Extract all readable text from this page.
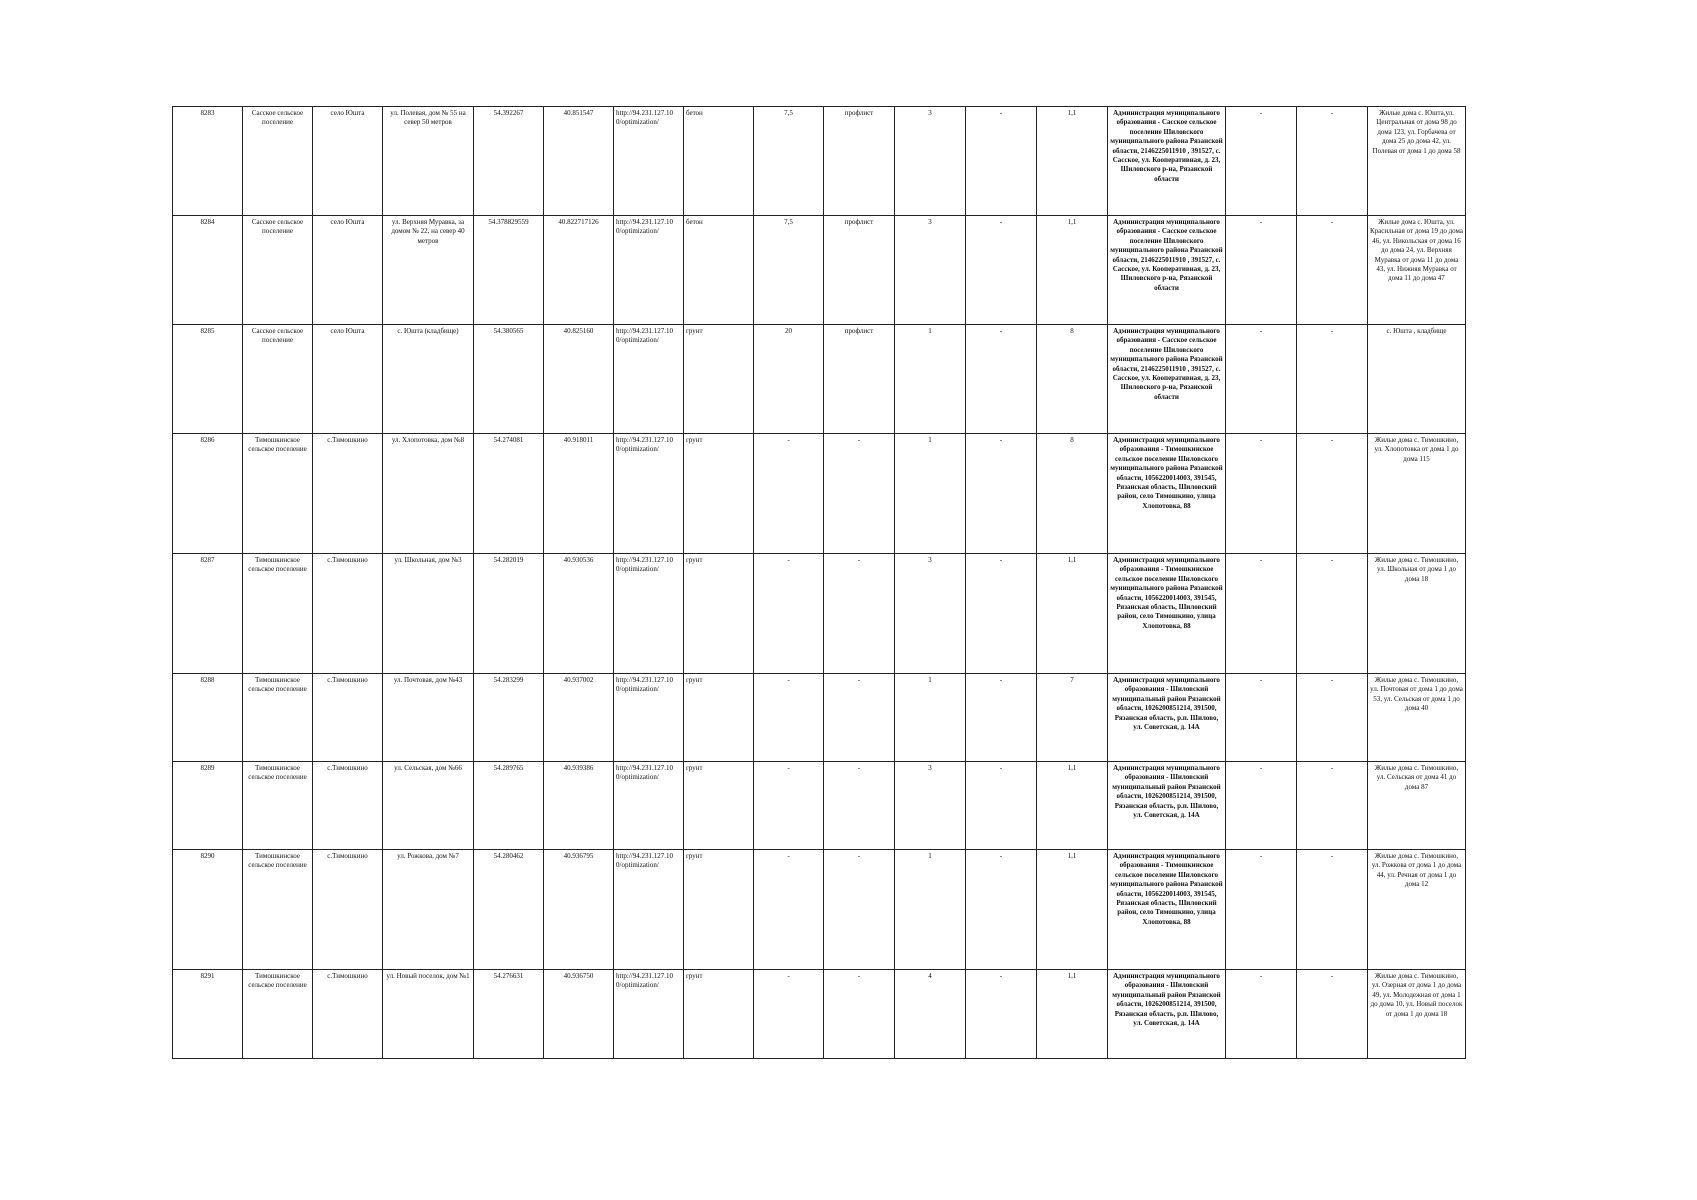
8283	Сасское сельское поселение	село Юшта	ул. Полевая, дом № 55 на север 50 метров	54.392267	40.851547	http://94.231.127.10 0/optimization/	бетон	7,5	профлист	3	-	1,1	Администрация муниципального образования - Сасское сельское поселение Шиловского муниципального района Рязанской области, 2146225011910 , 391527, с. Сасское, ул. Кооперативная, д. 23, Шиловского р-на, Рязанской области	-	-	Жилые дома с. Юшта,ул. Центральная от дома 98 до дома 123, ул. Горбачева от дома 25 до дома 42, ул. Полевая от дома 1 до дома 58
8284	Сасское сельское поселение	село Юшта	ул. Верхняя Муравка, за домом № 22, на север 40 метров	54.378829559	40.822717126	http://94.231.127.10 0/optimization/	бетон	7,5	профлист	3	-	1,1	Администрация муниципального образования - Сасское сельское поселение Шиловского муниципального района Рязанской области, 2146225011910 , 391527, с. Сасское, ул. Кооперативная, д. 23, Шиловского р-на, Рязанской области	-	-	Жилые дома с. Юшта, ул. Красильная от дома 19 до дома 46, ул. Никольская от дома 16 до дома 24, ул. Верхняя Муравка от дома 11 до дома 43, ул. Нижняя Муравка от дома 11 до дома 47
8285	Сасское сельское поселение	село Юшта	с. Юшта (кладбище)	54.380565	40.825160	http://94.231.127.10 0/optimization/	грунт	20	профлист	1	-	8	Администрация муниципального образования - Сасское сельское поселение Шиловского муниципального района Рязанской области, 2146225011910 , 391527, с. Сасское, ул. Кооперативная, д. 23, Шиловского р-на, Рязанской области	-	-	с. Юшта , кладбище
8286	Тимошкинское сельское поселение	с.Тимошкино	ул. Хлопотовка, дом №8	54.274081	40.918011	http://94.231.127.10 0/optimization/	грунт	-	-	1	-	8	Администрация муниципального образования - Тимошкинское сельское поселение Шиловского муниципального района Рязанской области, 1056220014003, 391545, Рязанская область, Шиловский район, село Тимошкино, улица Хлопотовка, 88	-	-	Жилые дома с. Тимошкино, ул. Хлопотовка от дома 1 до дома 115
8287	Тимошкинское сельское поселение	с.Тимошкино	ул. Школьная, дом №3	54.282019	40.930536	http://94.231.127.10 0/optimization/	грунт	-	-	3	-	1,1	Администрация муниципального образования - Тимошкинское сельское поселение Шиловского муниципального района Рязанской области, 1056220014003, 391545, Рязанская область, Шиловский район, село Тимошкино, улица Хлопотовка, 88	-	-	Жилые дома с. Тимошкино, ул. Школьная от дома 1 до дома 18
8288	Тимошкинское сельское поселение	с.Тимошкино	ул. Почтовая, дом №43	54.283299	40.937002	http://94.231.127.10 0/optimization/	грунт	-	-	1	-	7	Администрация муниципального образования - Шиловский муниципальный район Рязанской области, 1026200851214, 391500, Рязанская область, р.п. Шилово, ул. Советская, д. 14А	-	-	Жилые дома с. Тимошкино, ул. Почтовая от дома 1 до дома 53, ул. Сельская от дома 1 до дома 40
8289	Тимошкинское сельское поселение	с.Тимошкино	ул. Сельская, дом №66	54.289765	40.939386	http://94.231.127.10 0/optimization/	грунт	-	-	3	-	1,1	Администрация муниципального образования - Шиловский муниципальный район Рязанской области, 1026200851214, 391500, Рязанская область, р.п. Шилово, ул. Советская, д. 14А	-	-	Жилые дома с. Тимошкино, ул. Сельская от дома 41 до дома 87
8290	Тимошкинское сельское поселение	с.Тимошкино	ул. Рожкова, дом №7	54.280462	40.936795	http://94.231.127.10 0/optimization/	грунт	-	-	1	-	1,1	Администрация муниципального образования - Тимошкинское сельское поселение Шиловского муниципального района Рязанской области, 1056220014003, 391545, Рязанская область, Шиловский район, село Тимошкино, улица Хлопотовка, 88	-	-	Жилые дома с. Тимошкино, ул. Рожкова от дома 1 до дома 44, ул. Речная от дома 1 до дома 12
8291	Тимошкинское сельское поселение	с.Тимошкино	ул. Новый поселок, дом №1	54.276631	40.936750	http://94.231.127.10 0/optimization/	грунт	-	-	4	-	1,1	Администрация муниципального образования - Шиловский муниципальный район Рязанской области, 1026200851214, 391500, Рязанская область, р.п. Шилово, ул. Советская, д. 14А	-	-	Жилые дома с. Тимошкино, ул. Озерная от дома 1 до дома 49, ул. Молодежная от дома 1 до дома 10, ул. Новый поселок от дома 1 до дома 18
